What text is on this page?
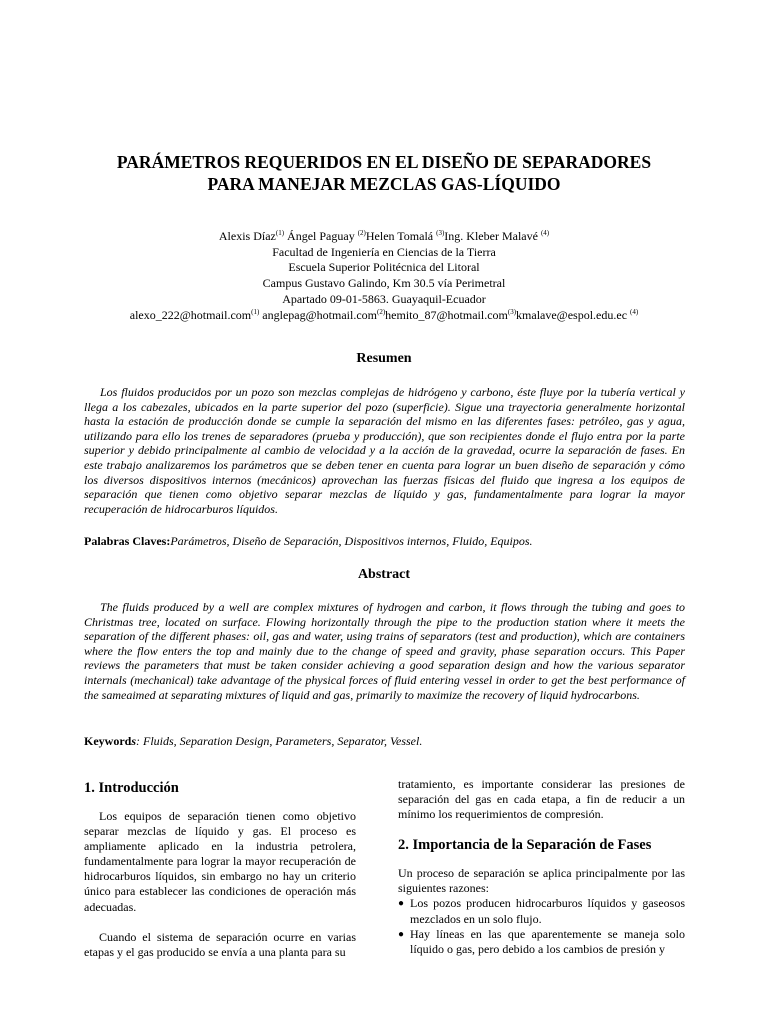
PARÁMETROS REQUERIDOS EN EL DISEÑO DE SEPARADORES
PARA MANEJAR MEZCLAS GAS-LÍQUIDO
Alexis Díaz$^{(1)}$ Ángel Paguay $^{(2)}$Helen Tomalá $^{(3)}$Ing. Kleber Malavé $^{(4)}$
Facultad de Ingeniería en Ciencias de la Tierra
Escuela Superior Politécnica del Litoral
Campus Gustavo Galindo, Km 30.5 vía Perimetral
Apartado 09-01-5863. Guayaquil-Ecuador
alexo_222@hotmail.com$^{(1)}$ anglepag@hotmail.com$^{(2)}$hemito_87@hotmail.com$^{(3)}$kmalave@espol.edu.ec $^{(4)}$
Resumen
Los fluidos producidos por un pozo son mezclas complejas de hidrógeno y carbono, éste fluye por la tubería vertical y llega a los cabezales, ubicados en la parte superior del pozo (superficie). Sigue una trayectoria generalmente horizontal hasta la estación de producción donde se cumple la separación del mismo en las diferentes fases: petróleo, gas y agua, utilizando para ello los trenes de separadores (prueba y producción), que son recipientes donde el flujo entra por la parte superior y debido principalmente al cambio de velocidad y a la acción de la gravedad, ocurre la separación de fases. En este trabajo analizaremos los parámetros que se deben tener en cuenta para lograr un buen diseño de separación y cómo los diversos dispositivos internos (mecánicos) aprovechan las fuerzas físicas del fluido que ingresa a los equipos de separación que tienen como objetivo separar mezclas de líquido y gas, fundamentalmente para lograr la mayor recuperación de hidrocarburos líquidos.
Palabras Claves:Parámetros, Diseño de Separación, Dispositivos internos, Fluido, Equipos.
Abstract
The fluids produced by a well are complex mixtures of hydrogen and carbon, it flows through the tubing and goes to Christmas tree, located on surface. Flowing horizontally through the pipe to the production station where it meets the separation of the different phases: oil, gas and water, using trains of separators (test and production), which are containers where the flow enters the top and mainly due to the change of speed and gravity, phase separation occurs. This Paper reviews the parameters that must be taken consider achieving a good separation design and how the various separator internals (mechanical) take advantage of the physical forces of fluid entering vessel in order to get the best performance of the sameaimed at separating mixtures of liquid and gas, primarily to maximize the recovery of liquid hydrocarbons.
Keywords: Fluids, Separation Design, Parameters, Separator, Vessel.
1. Introducción
Los equipos de separación tienen como objetivo separar mezclas de líquido y gas. El proceso es ampliamente aplicado en la industria petrolera, fundamentalmente para lograr la mayor recuperación de hidrocarburos líquidos, sin embargo no hay un criterio único para establecer las condiciones de operación más adecuadas.
Cuando el sistema de separación ocurre en varias etapas y el gas producido se envía a una planta para su
tratamiento, es importante considerar las presiones de separación del gas en cada etapa, a fin de reducir a un mínimo los requerimientos de compresión.
2. Importancia de la Separación de Fases
Un proceso de separación se aplica principalmente por las siguientes razones:
● Los pozos producen hidrocarburos líquidos y gaseosos mezclados en un solo flujo.
● Hay líneas en las que aparentemente se maneja solo líquido o gas, pero debido a los cambios de presión y
